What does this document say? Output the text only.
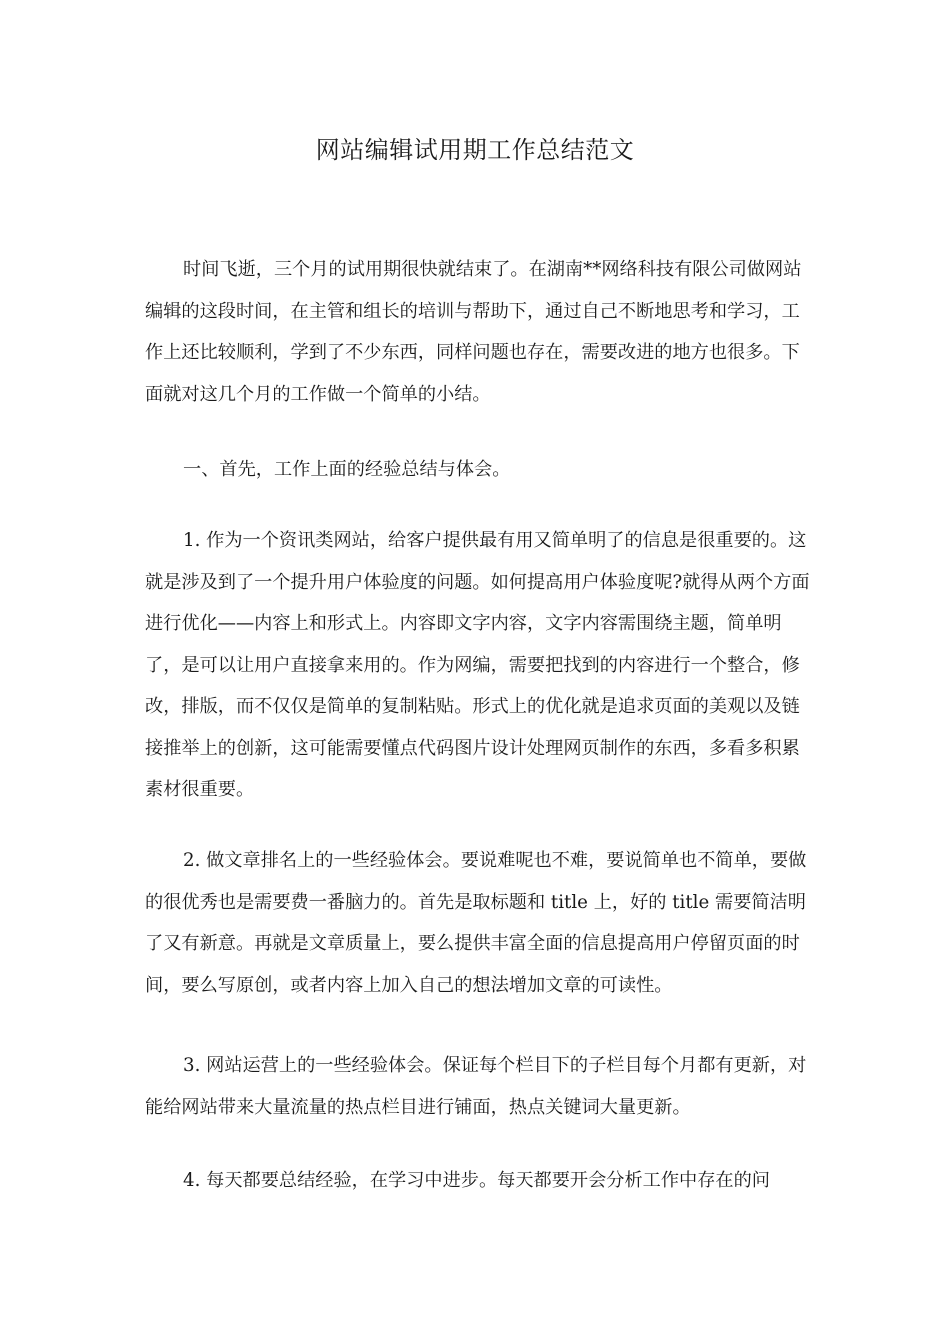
网站编辑试用期工作总结范文

时间飞逝，三个月的试用期很快就结束了。在湖南**网络科技有限公司做网站编辑的这段时间，在主管和组长的培训与帮助下，通过自己不断地思考和学习，工作上还比较顺利，学到了不少东西，同样问题也存在，需要改进的地方也很多。下面就对这几个月的工作做一个简单的小结。

一、首先，工作上面的经验总结与体会。

1. 作为一个资讯类网站，给客户提供最有用又简单明了的信息是很重要的。这就是涉及到了一个提升用户体验度的问题。如何提高用户体验度呢?就得从两个方面进行优化——内容上和形式上。内容即文字内容，文字内容需围绕主题，简单明了，是可以让用户直接拿来用的。作为网编，需要把找到的内容进行一个整合，修改，排版，而不仅仅是简单的复制粘贴。形式上的优化就是追求页面的美观以及链接推举上的创新，这可能需要懂点代码图片设计处理网页制作的东西，多看多积累素材很重要。

2. 做文章排名上的一些经验体会。要说难呢也不难，要说简单也不简单，要做的很优秀也是需要费一番脑力的。首先是取标题和 title 上，好的 title 需要简洁明了又有新意。再就是文章质量上，要么提供丰富全面的信息提高用户停留页面的时间，要么写原创，或者内容上加入自己的想法增加文章的可读性。

3. 网站运营上的一些经验体会。保证每个栏目下的子栏目每个月都有更新，对能给网站带来大量流量的热点栏目进行铺面，热点关键词大量更新。

4. 每天都要总结经验，在学习中进步。每天都要开会分析工作中存在的问
